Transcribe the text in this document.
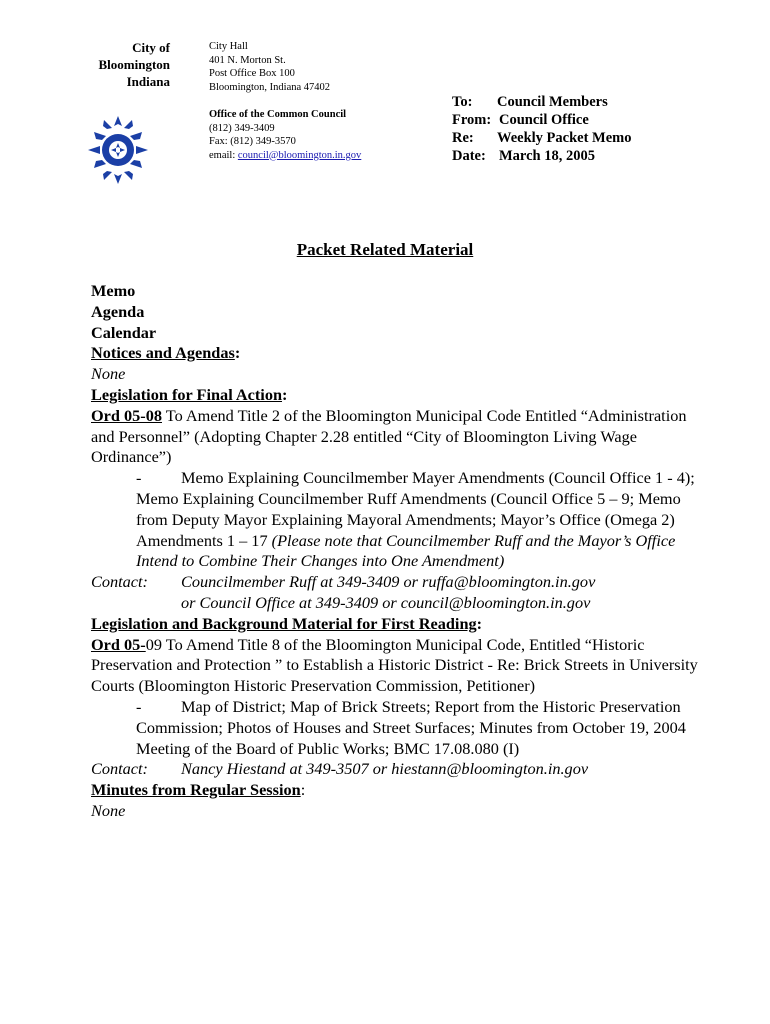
City of
Bloomington
Indiana
City Hall
401 N. Morton St.
Post Office Box 100
Bloomington, Indiana 47402
Office of the Common Council
(812) 349-3409
Fax: (812) 349-3570
email: council@bloomington.in.gov
To: Council Members
From: Council Office
Re: Weekly Packet Memo
Date: March 18, 2005
Packet Related Material
Memo
Agenda
Calendar
Notices and Agendas:
None
Legislation for Final Action:
Ord 05-08 To Amend Title 2 of the Bloomington Municipal Code Entitled “Administration and Personnel” (Adopting Chapter 2.28 entitled “City of Bloomington Living Wage Ordinance”)
- Memo Explaining Councilmember Mayer Amendments (Council Office 1 - 4); Memo Explaining Councilmember Ruff Amendments (Council Office 5 – 9; Memo from Deputy Mayor Explaining Mayoral Amendments; Mayor’s Office (Omega 2) Amendments 1 – 17 (Please note that Councilmember Ruff and the Mayor’s Office Intend to Combine Their Changes into One Amendment)
Contact:	Councilmember Ruff at 349-3409 or ruffa@bloomington.in.gov
or Council Office at 349-3409 or council@bloomington.in.gov
Legislation and Background Material for First Reading:
Ord 05-09 To Amend Title 8 of the Bloomington Municipal Code, Entitled “Historic Preservation and Protection ” to Establish a Historic District - Re: Brick Streets in University Courts (Bloomington Historic Preservation Commission, Petitioner)
- Map of District; Map of Brick Streets; Report from the Historic Preservation Commission; Photos of Houses and Street Surfaces; Minutes from October 19, 2004 Meeting of the Board of Public Works; BMC 17.08.080 (I)
Contact:	Nancy Hiestand at 349-3507 or hiestann@bloomington.in.gov
Minutes from Regular Session:
None
